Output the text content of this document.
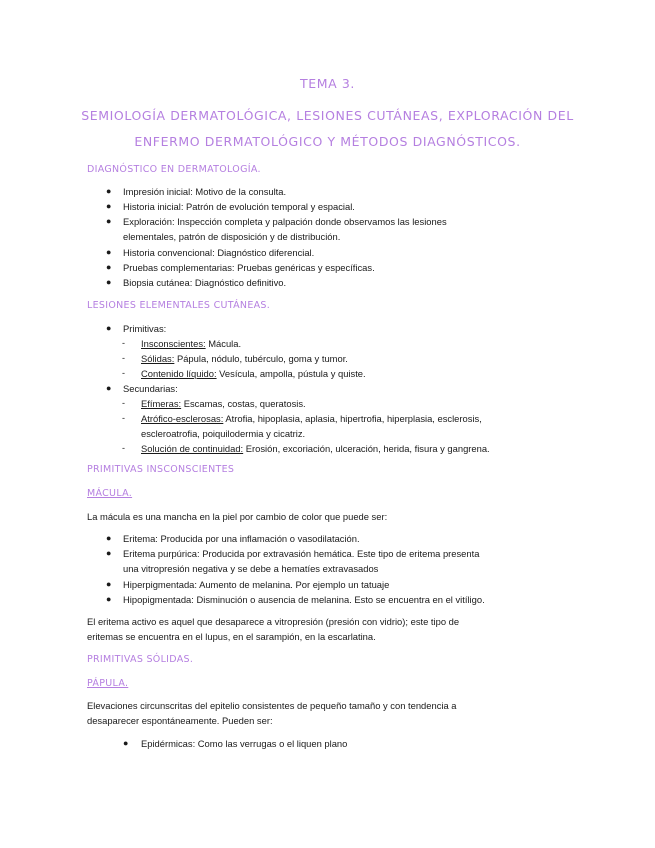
TEMA 3.
SEMIOLOGÍA DERMATOLÓGICA, LESIONES CUTÁNEAS, EXPLORACIÓN DEL
ENFERMO DERMATOLÓGICO Y MÉTODOS DIAGNÓSTICOS.
DIAGNÓSTICO EN DERMATOLOGÍA.
● Impresión inicial: Motivo de la consulta.
● Historia inicial: Patrón de evolución temporal y espacial.
● Exploración: Inspección completa y palpación donde observamos las lesiones
elementales, patrón de disposición y de distribución.
● Historia convencional: Diagnóstico diferencial.
● Pruebas complementarias: Pruebas genéricas y específicas.
● Biopsia cutánea: Diagnóstico definitivo.
LESIONES ELEMENTALES CUTÁNEAS.
● Primitivas:
- Insconscientes: Mácula.
- Sólidas: Pápula, nódulo, tubérculo, goma y tumor.
- Contenido líquido: Vesícula, ampolla, pústula y quiste.
● Secundarias:
- Efímeras: Escamas, costas, queratosis.
- Atrófico-esclerosas: Atrofia, hipoplasia, aplasia, hipertrofia, hiperplasia, esclerosis,
escleroatrofia, poiquilodermia y cicatriz.
- Solución de continuidad: Erosión, excoriación, ulceración, herida, fisura y gangrena.
PRIMITIVAS INSCONSCIENTES
MÁCULA.
La mácula es una mancha en la piel por cambio de color que puede ser:
● Eritema: Producida por una inflamación o vasodilatación.
● Eritema purpúrica: Producida por extravasión hemática. Este tipo de eritema presenta
una vitropresión negativa y se debe a hematíes extravasados
● Hiperpigmentada: Aumento de melanina. Por ejemplo un tatuaje
● Hipopigmentada: Disminución o ausencia de melanina. Esto se encuentra en el vitíligo.
El eritema activo es aquel que desaparece a vitropresión (presión con vidrio); este tipo de
eritemas se encuentra en el lupus, en el sarampión, en la escarlatina.
PRIMITIVAS SÓLIDAS.
PÁPULA.
Elevaciones circunscritas del epitelio consistentes de pequeño tamaño y con tendencia a
desaparecer espontáneamente. Pueden ser:
● Epidérmicas: Como las verrugas o el liquen plano
